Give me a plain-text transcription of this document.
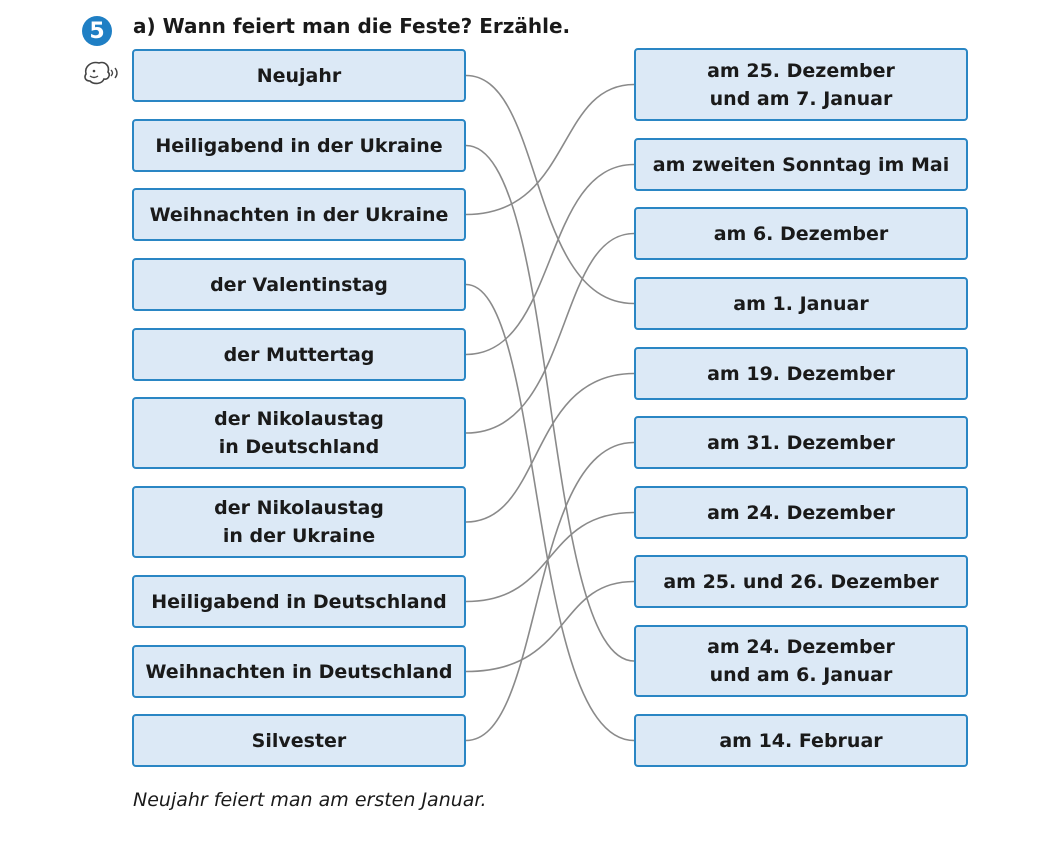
5	a) Wann feiert man die Feste? Erzähle.
Neujahr
Heiligabend in der Ukraine
Weihnachten in der Ukraine
der Valentinstag
der Muttertag
der Nikolaustag
in Deutschland
der Nikolaustag
in der Ukraine
Heiligabend in Deutschland
Weihnachten in Deutschland
Silvester
am 25. Dezember
und am 7. Januar
am zweiten Sonntag im Mai
am 6. Dezember
am 1. Januar
am 19. Dezember
am 31. Dezember
am 24. Dezember
am 25. und 26. Dezember
am 24. Dezember
und am 6. Januar
am 14. Februar
Neujahr feiert man am ersten Januar.
